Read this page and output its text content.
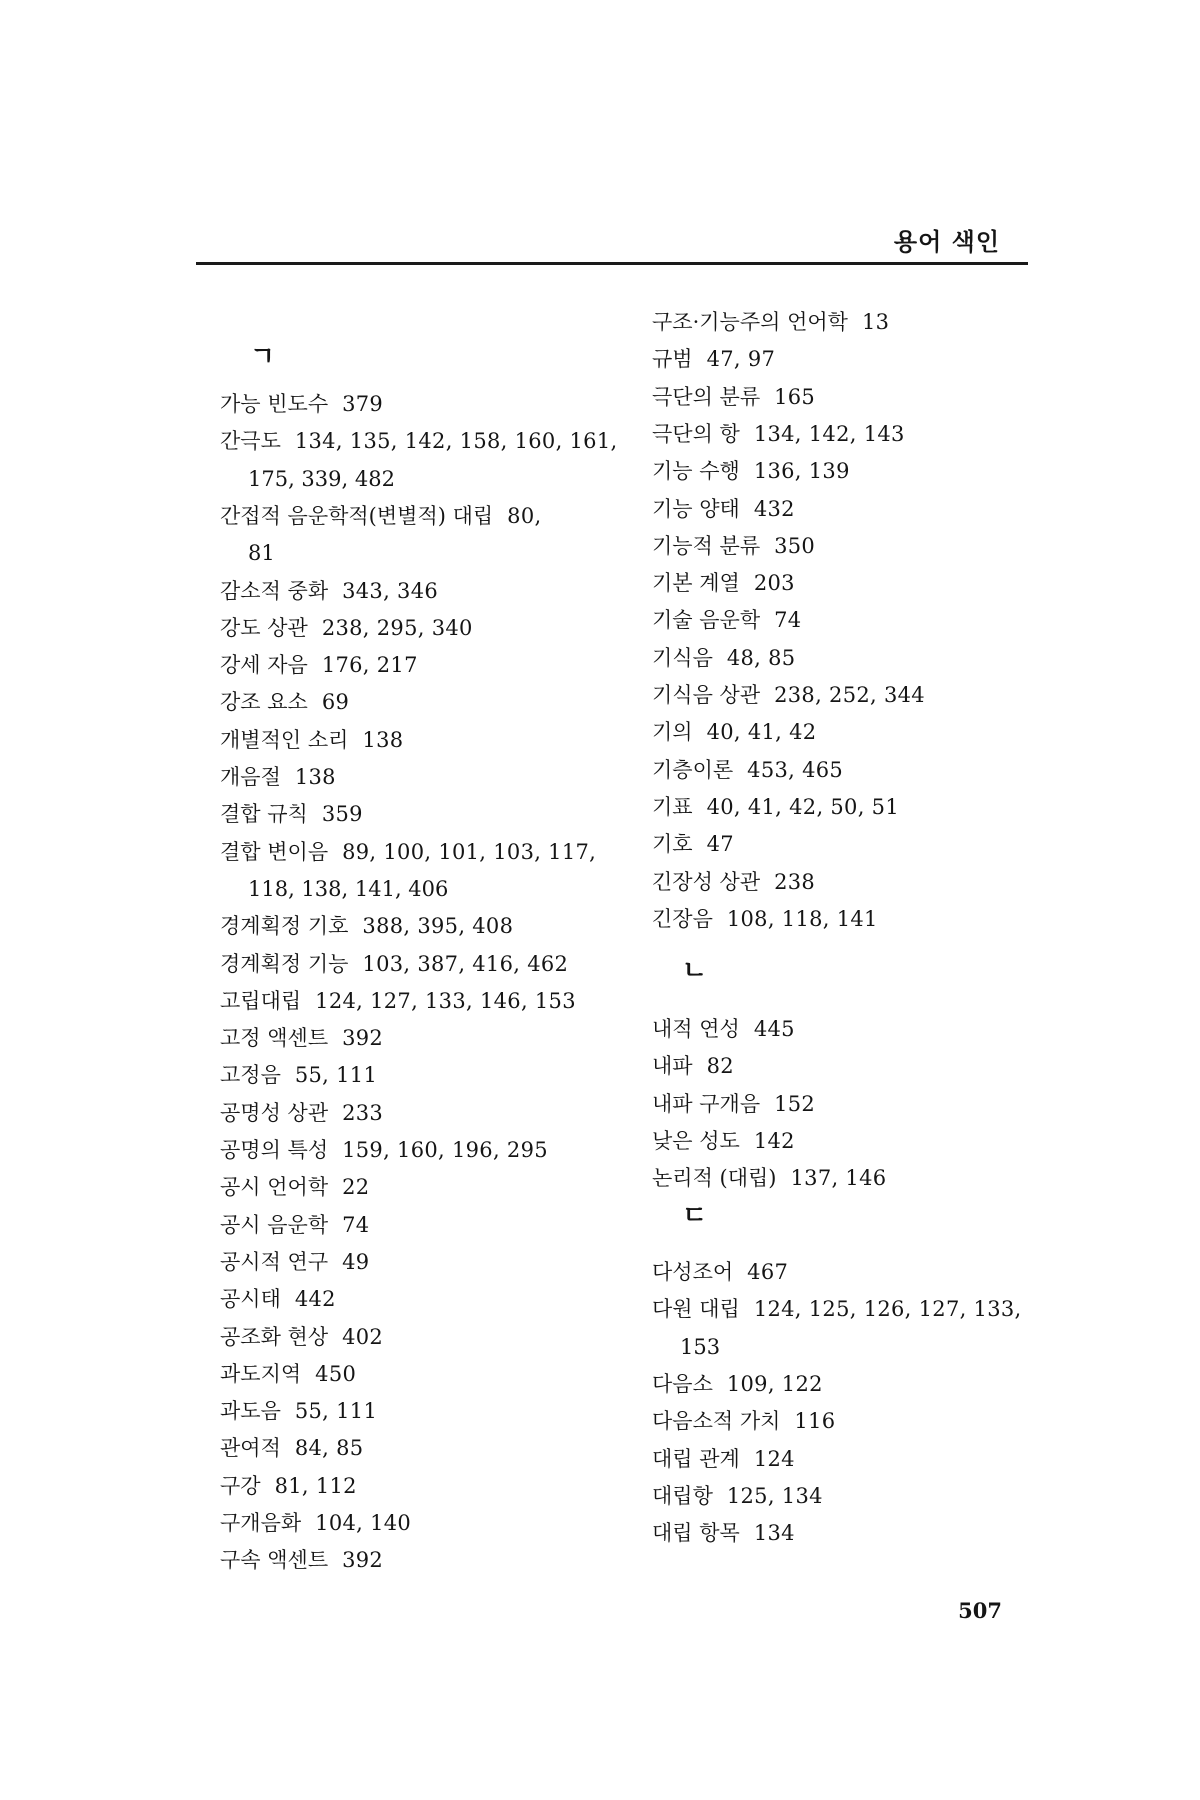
용어 색인
ㄱ
가능 빈도수 379
간극도 134, 135, 142, 158, 160, 161,
175, 339, 482
간접적 음운학적(변별적) 대립 80,
81
감소적 중화 343, 346
강도 상관 238, 295, 340
강세 자음 176, 217
강조 요소 69
개별적인 소리 138
개음절 138
결합 규칙 359
결합 변이음 89, 100, 101, 103, 117,
118, 138, 141, 406
경계획정 기호 388, 395, 408
경계획정 기능 103, 387, 416, 462
고립대립 124, 127, 133, 146, 153
고정 액센트 392
고정음 55, 111
공명성 상관 233
공명의 특성 159, 160, 196, 295
공시 언어학 22
공시 음운학 74
공시적 연구 49
공시태 442
공조화 현상 402
과도지역 450
과도음 55, 111
관여적 84, 85
구강 81, 112
구개음화 104, 140
구속 액센트 392
ㄴ
ㄷ
구조·기능주의 언어학 13
규범 47, 97
극단의 분류 165
극단의 항 134, 142, 143
기능 수행 136, 139
기능 양태 432
기능적 분류 350
기본 계열 203
기술 음운학 74
기식음 48, 85
기식음 상관 238, 252, 344
기의 40, 41, 42
기층이론 453, 465
기표 40, 41, 42, 50, 51
기호 47
긴장성 상관 238
긴장음 108, 118, 141
내적 연성 445
내파 82
내파 구개음 152
낮은 성도 142
논리적 (대립) 137, 146
다성조어 467
다원 대립 124, 125, 126, 127, 133,
153
다음소 109, 122
다음소적 가치 116
대립 관계 124
대립항 125, 134
대립 항목 134
507
